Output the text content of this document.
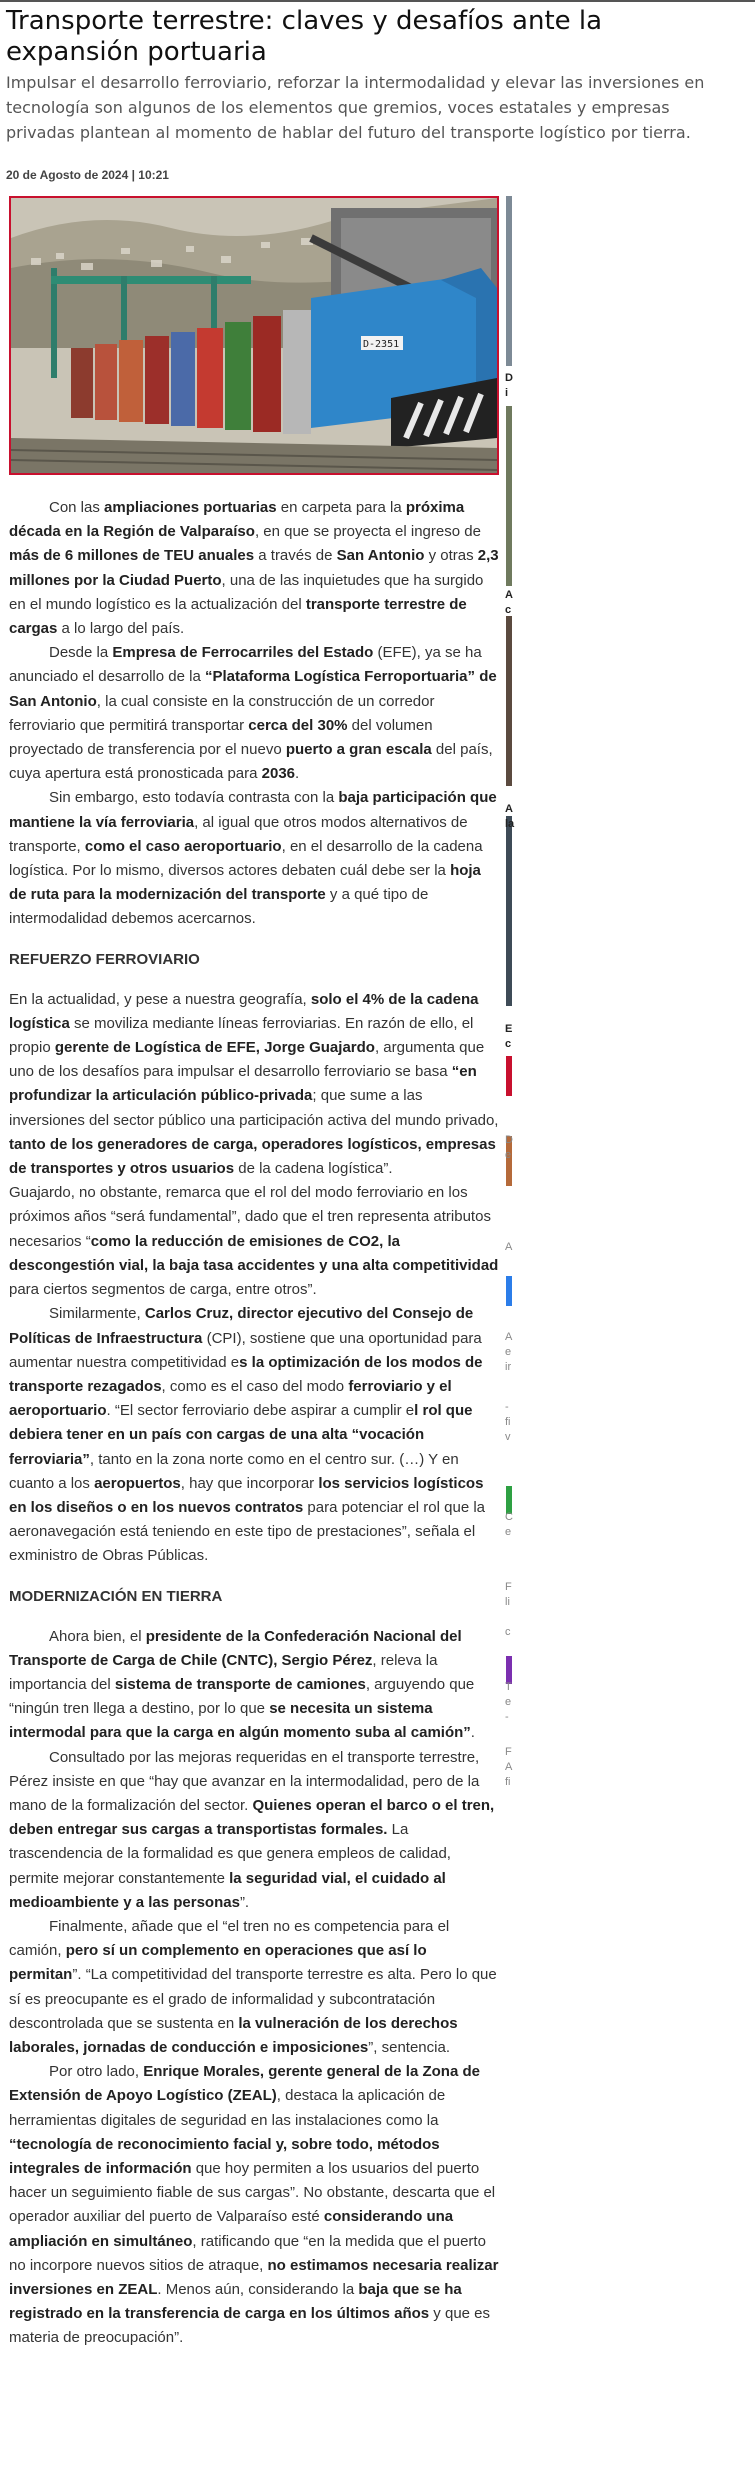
Transporte terrestre: claves y desafíos ante la expansión portuaria

Impulsar el desarrollo ferroviario, reforzar la intermodalidad y elevar las inversiones en tecnología son algunos de los elementos que gremios, voces estatales y empresas privadas plantean al momento de hablar del futuro del transporte logístico por tierra.

20 de Agosto de 2024 | 10:21

D-2351

Con las ampliaciones portuarias en carpeta para la próxima década en la Región de Valparaíso, en que se proyecta el ingreso de más de 6 millones de TEU anuales a través de San Antonio y otras 2,3 millones por la Ciudad Puerto, una de las inquietudes que ha surgido en el mundo logístico es la actualización del transporte terrestre de cargas a lo largo del país.

Desde la Empresa de Ferrocarriles del Estado (EFE), ya se ha anunciado el desarrollo de la “Plataforma Logística Ferroportuaria” de San Antonio, la cual consiste en la construcción de un corredor ferroviario que permitirá transportar cerca del 30% del volumen proyectado de transferencia por el nuevo puerto a gran escala del país, cuya apertura está pronosticada para 2036.

Sin embargo, esto todavía contrasta con la baja participación que mantiene la vía ferroviaria, al igual que otros modos alternativos de transporte, como el caso aeroportuario, en el desarrollo de la cadena logística. Por lo mismo, diversos actores debaten cuál debe ser la hoja de ruta para la modernización del transporte y a qué tipo de intermodalidad debemos acercarnos.

REFUERZO FERROVIARIO

En la actualidad, y pese a nuestra geografía, solo el 4% de la cadena logística se moviliza mediante líneas ferroviarias. En razón de ello, el propio gerente de Logística de EFE, Jorge Guajardo, argumenta que uno de los desafíos para impulsar el desarrollo ferroviario se basa “en profundizar la articulación público-privada; que sume a las inversiones del sector público una participación activa del mundo privado, tanto de los generadores de carga, operadores logísticos, empresas de transportes y otros usuarios de la cadena logística”.

Guajardo, no obstante, remarca que el rol del modo ferroviario en los próximos años “será fundamental”, dado que el tren representa atributos necesarios “como la reducción de emisiones de CO2, la descongestión vial, la baja tasa accidentes y una alta competitividad para ciertos segmentos de carga, entre otros”.

Similarmente, Carlos Cruz, director ejecutivo del Consejo de Políticas de Infraestructura (CPI), sostiene que una oportunidad para aumentar nuestra competitividad es la optimización de los modos de transporte rezagados, como es el caso del modo ferroviario y el aeroportuario. “El sector ferroviario debe aspirar a cumplir el rol que debiera tener en un país con cargas de una alta “vocación ferroviaria”, tanto en la zona norte como en el centro sur. (…) Y en cuanto a los aeropuertos, hay que incorporar los servicios logísticos en los diseños o en los nuevos contratos para potenciar el rol que la aeronavegación está teniendo en este tipo de prestaciones”, señala el exministro de Obras Públicas.

MODERNIZACIÓN EN TIERRA

Ahora bien, el presidente de la Confederación Nacional del Transporte de Carga de Chile (CNTC), Sergio Pérez, releva la importancia del sistema de transporte de camiones, arguyendo que “ningún tren llega a destino, por lo que se necesita un sistema intermodal para que la carga en algún momento suba al camión”.

Consultado por las mejoras requeridas en el transporte terrestre, Pérez insiste en que “hay que avanzar en la intermodalidad, pero de la mano de la formalización del sector. Quienes operan el barco o el tren, deben entregar sus cargas a transportistas formales. La trascendencia de la formalidad es que genera empleos de calidad, permite mejorar constantemente la seguridad vial, el cuidado al medioambiente y a las personas”.

Finalmente, añade que el “el tren no es competencia para el camión, pero sí un complemento en operaciones que así lo permitan”. “La competitividad del transporte terrestre es alta. Pero lo que sí es preocupante es el grado de informalidad y subcontratación descontrolada que se sustenta en la vulneración de los derechos laborales, jornadas de conducción e imposiciones”, sentencia.

Por otro lado, Enrique Morales, gerente general de la Zona de Extensión de Apoyo Logístico (ZEAL), destaca la aplicación de herramientas digitales de seguridad en las instalaciones como la “tecnología de reconocimiento facial y, sobre todo, métodos integrales de información que hoy permiten a los usuarios del puerto hacer un seguimiento fiable de sus cargas”. No obstante, descarta que el operador auxiliar del puerto de Valparaíso esté considerando una ampliación en simultáneo, ratificando que “en la medida que el puerto no incorpore nuevos sitios de atraque, no estimamos necesaria realizar inversiones en ZEAL. Menos aún, considerando la baja que se ha registrado en la transferencia de carga en los últimos años y que es materia de preocupación”.

D
i
A
c
A
la
E
c
D
e
A
A
e
ir
-
fi
v
C
e
F
li
c
T
e
-
F
A
fi
